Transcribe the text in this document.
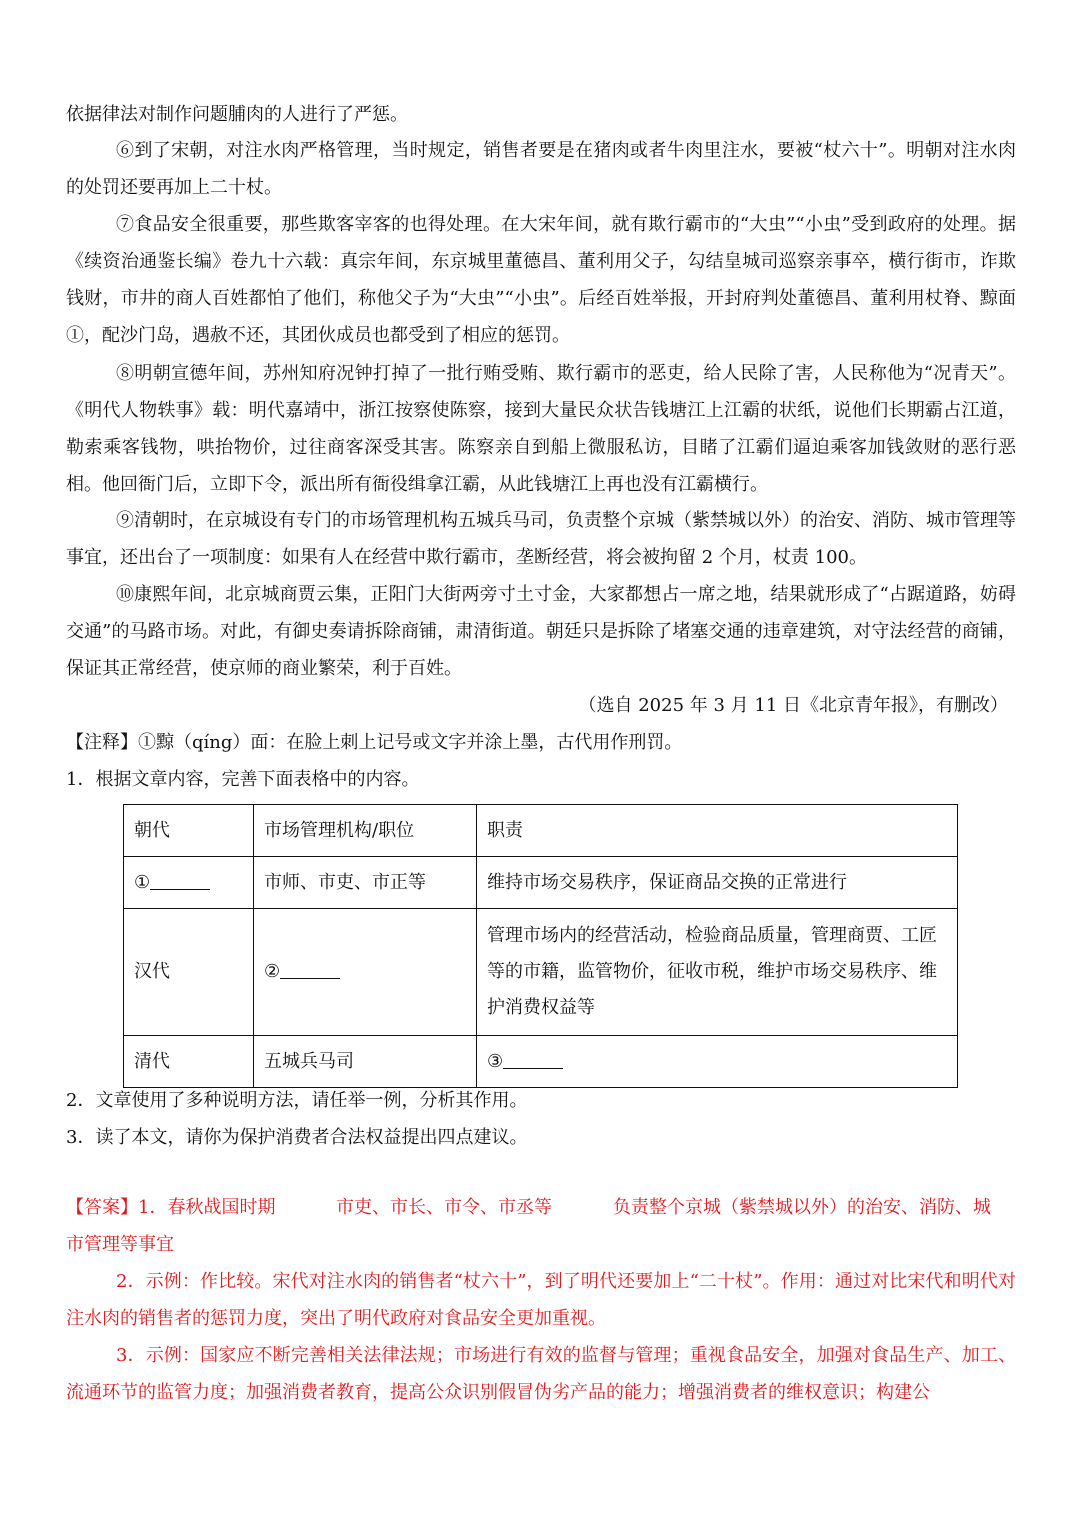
依据律法对制作问题脯肉的人进行了严惩。

⑥到了宋朝，对注水肉严格管理，当时规定，销售者要是在猪肉或者牛肉里注水，要被“杖六十”。明朝对注水肉的处罚还要再加上二十杖。

⑦食品安全很重要，那些欺客宰客的也得处理。在大宋年间，就有欺行霸市的“大虫”“小虫”受到政府的处理。据《续资治通鉴长编》卷九十六载：真宗年间，东京城里董德昌、董利用父子，勾结皇城司巡察亲事卒，横行街市，诈欺钱财，市井的商人百姓都怕了他们，称他父子为“大虫”“小虫”。后经百姓举报，开封府判处董德昌、董利用杖脊、黥面①，配沙门岛，遇赦不还，其团伙成员也都受到了相应的惩罚。

⑧明朝宣德年间，苏州知府况钟打掉了一批行贿受贿、欺行霸市的恶吏，给人民除了害，人民称他为“况青天”。《明代人物轶事》载：明代嘉靖中，浙江按察使陈察，接到大量民众状告钱塘江上江霸的状纸，说他们长期霸占江道，勒索乘客钱物，哄抬物价，过往商客深受其害。陈察亲自到船上微服私访，目睹了江霸们逼迫乘客加钱敛财的恶行恶相。他回衙门后，立即下令，派出所有衙役缉拿江霸，从此钱塘江上再也没有江霸横行。

⑨清朝时，在京城设有专门的市场管理机构五城兵马司，负责整个京城（紫禁城以外）的治安、消防、城市管理等事宜，还出台了一项制度：如果有人在经营中欺行霸市，垄断经营，将会被拘留 2 个月，杖责 100。

⑩康熙年间，北京城商贾云集，正阳门大街两旁寸土寸金，大家都想占一席之地，结果就形成了“占踞道路，妨碍交通”的马路市场。对此，有御史奏请拆除商铺，肃清街道。朝廷只是拆除了堵塞交通的违章建筑，对守法经营的商铺，保证其正常经营，使京师的商业繁荣，利于百姓。

（选自 2025 年 3 月 11 日《北京青年报》，有删改）

【注释】①黥（qíng）面：在脸上刺上记号或文字并涂上墨，古代用作刑罚。

1．根据文章内容，完善下面表格中的内容。

朝代	市场管理机构/职位	职责
①	市师、市吏、市正等	维持市场交易秩序，保证商品交换的正常进行
汉代	②	管理市场内的经营活动，检验商品质量，管理商贾、工匠等的市籍，监管物价，征收市税，维护市场交易秩序、维护消费权益等
清代	五城兵马司	③

2．文章使用了多种说明方法，请任举一例，分析其作用。

3．读了本文，请你为保护消费者合法权益提出四点建议。

【答案】1．春秋战国时期	市吏、市长、市令、市丞等	负责整个京城（紫禁城以外）的治安、消防、城

市管理等事宜

2．示例：作比较。宋代对注水肉的销售者“杖六十”，到了明代还要加上“二十杖”。作用：通过对比宋代和明代对注水肉的销售者的惩罚力度，突出了明代政府对食品安全更加重视。

3．示例：国家应不断完善相关法律法规；市场进行有效的监督与管理；重视食品安全，加强对食品生产、加工、流通环节的监管力度；加强消费者教育，提高公众识别假冒伪劣产品的能力；增强消费者的维权意识；构建公
